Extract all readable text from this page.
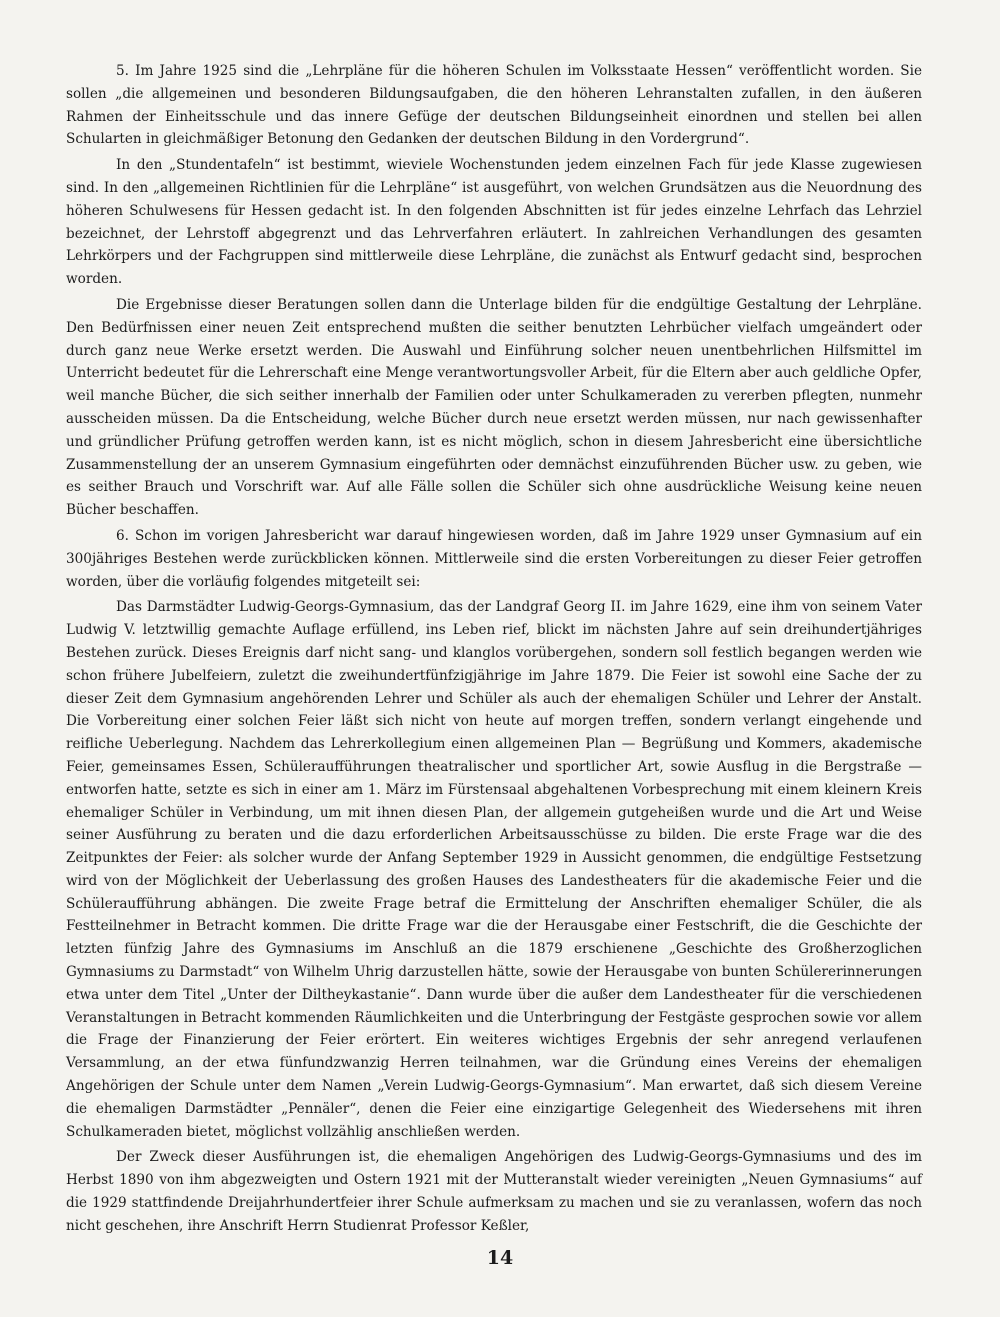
5. Im Jahre 1925 sind die „Lehrpläne für die höheren Schulen im Volksstaate Hessen“ veröffentlicht worden. Sie sollen „die allgemeinen und besonderen Bildungsaufgaben, die den höheren Lehranstalten zufallen, in den äußeren Rahmen der Einheitsschule und das innere Gefüge der deutschen Bildungseinheit einordnen und stellen bei allen Schularten in gleichmäßiger Betonung den Gedanken der deutschen Bildung in den Vordergrund“.

In den „Stundentafeln“ ist bestimmt, wieviele Wochenstunden jedem einzelnen Fach für jede Klasse zugewiesen sind. In den „allgemeinen Richtlinien für die Lehrpläne“ ist ausgeführt, von welchen Grundsätzen aus die Neuordnung des höheren Schulwesens für Hessen gedacht ist. In den folgenden Abschnitten ist für jedes einzelne Lehrfach das Lehrziel bezeichnet, der Lehrstoff abgegrenzt und das Lehrverfahren erläutert. In zahlreichen Verhandlungen des gesamten Lehrkörpers und der Fachgruppen sind mittlerweile diese Lehrpläne, die zunächst als Entwurf gedacht sind, besprochen worden.

Die Ergebnisse dieser Beratungen sollen dann die Unterlage bilden für die endgültige Gestaltung der Lehrpläne. Den Bedürfnissen einer neuen Zeit entsprechend mußten die seither benutzten Lehrbücher vielfach umgeändert oder durch ganz neue Werke ersetzt werden. Die Auswahl und Einführung solcher neuen unentbehrlichen Hilfsmittel im Unterricht bedeutet für die Lehrerschaft eine Menge verantwortungsvoller Arbeit, für die Eltern aber auch geldliche Opfer, weil manche Bücher, die sich seither innerhalb der Familien oder unter Schulkameraden zu vererben pflegten, nunmehr ausscheiden müssen. Da die Entscheidung, welche Bücher durch neue ersetzt werden müssen, nur nach gewissenhafter und gründlicher Prüfung getroffen werden kann, ist es nicht möglich, schon in diesem Jahresbericht eine übersichtliche Zusammenstellung der an unserem Gymnasium eingeführten oder demnächst einzuführenden Bücher usw. zu geben, wie es seither Brauch und Vorschrift war. Auf alle Fälle sollen die Schüler sich ohne ausdrückliche Weisung keine neuen Bücher beschaffen.

6. Schon im vorigen Jahresbericht war darauf hingewiesen worden, daß im Jahre 1929 unser Gymnasium auf ein 300jähriges Bestehen werde zurückblicken können. Mittlerweile sind die ersten Vorbereitungen zu dieser Feier getroffen worden, über die vorläufig folgendes mitgeteilt sei:

Das Darmstädter Ludwig-Georgs-Gymnasium, das der Landgraf Georg II. im Jahre 1629, eine ihm von seinem Vater Ludwig V. letztwillig gemachte Auflage erfüllend, ins Leben rief, blickt im nächsten Jahre auf sein dreihundertjähriges Bestehen zurück. Dieses Ereignis darf nicht sang- und klanglos vorübergehen, sondern soll festlich begangen werden wie schon frühere Jubelfeiern, zuletzt die zweihundertfünfzigjährige im Jahre 1879. Die Feier ist sowohl eine Sache der zu dieser Zeit dem Gymnasium angehörenden Lehrer und Schüler als auch der ehemaligen Schüler und Lehrer der Anstalt. Die Vorbereitung einer solchen Feier läßt sich nicht von heute auf morgen treffen, sondern verlangt eingehende und reifliche Ueberlegung. Nachdem das Lehrerkollegium einen allgemeinen Plan — Begrüßung und Kommers, akademische Feier, gemeinsames Essen, Schüleraufführungen theatralischer und sportlicher Art, sowie Ausflug in die Bergstraße — entworfen hatte, setzte es sich in einer am 1. März im Fürstensaal abgehaltenen Vorbesprechung mit einem kleinern Kreis ehemaliger Schüler in Verbindung, um mit ihnen diesen Plan, der allgemein gutgeheißen wurde und die Art und Weise seiner Ausführung zu beraten und die dazu erforderlichen Arbeitsausschüsse zu bilden. Die erste Frage war die des Zeitpunktes der Feier: als solcher wurde der Anfang September 1929 in Aussicht genommen, die endgültige Festsetzung wird von der Möglichkeit der Ueberlassung des großen Hauses des Landestheaters für die akademische Feier und die Schüleraufführung abhängen. Die zweite Frage betraf die Ermittelung der Anschriften ehemaliger Schüler, die als Festteilnehmer in Betracht kommen. Die dritte Frage war die der Herausgabe einer Festschrift, die die Geschichte der letzten fünfzig Jahre des Gymnasiums im Anschluß an die 1879 erschienene „Geschichte des Großherzoglichen Gymnasiums zu Darmstadt“ von Wilhelm Uhrig darzustellen hätte, sowie der Herausgabe von bunten Schülererinnerungen etwa unter dem Titel „Unter der Diltheykastanie“. Dann wurde über die außer dem Landestheater für die verschiedenen Veranstaltungen in Betracht kommenden Räumlichkeiten und die Unterbringung der Festgäste gesprochen sowie vor allem die Frage der Finanzierung der Feier erörtert. Ein weiteres wichtiges Ergebnis der sehr anregend verlaufenen Versammlung, an der etwa fünfundzwanzig Herren teilnahmen, war die Gründung eines Vereins der ehemaligen Angehörigen der Schule unter dem Namen „Verein Ludwig-Georgs-Gymnasium“. Man erwartet, daß sich diesem Vereine die ehemaligen Darmstädter „Pennäler“, denen die Feier eine einzigartige Gelegenheit des Wiedersehens mit ihren Schulkameraden bietet, möglichst vollzählig anschließen werden.

Der Zweck dieser Ausführungen ist, die ehemaligen Angehörigen des Ludwig-Georgs-Gymnasiums und des im Herbst 1890 von ihm abgezweigten und Ostern 1921 mit der Mutteranstalt wieder vereinigten „Neuen Gymnasiums“ auf die 1929 stattfindende Dreijahrhundertfeier ihrer Schule aufmerksam zu machen und sie zu veranlassen, wofern das noch nicht geschehen, ihre Anschrift Herrn Studienrat Professor Keßler,

14
